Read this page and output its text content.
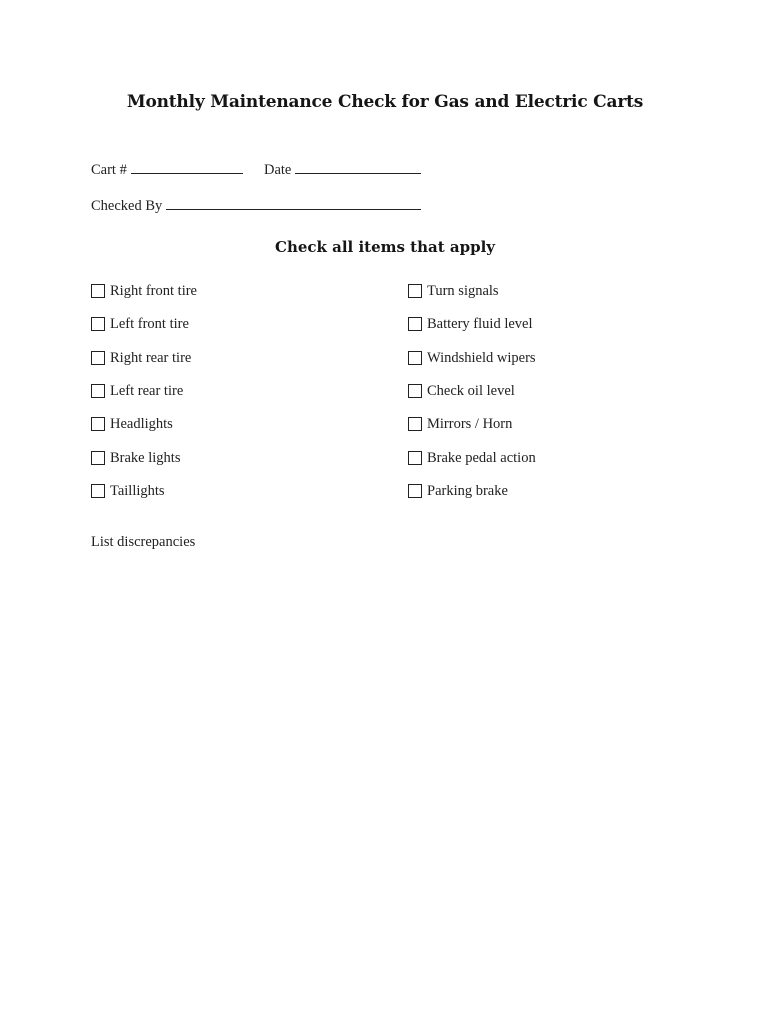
Monthly Maintenance Check for Gas and Electric Carts
Cart #	Date
Checked By
Check all items that apply
Right front tire
Left front tire
Right rear tire
Left rear tire
Headlights
Brake lights
Taillights
Turn signals
Battery fluid level
Windshield wipers
Check oil level
Mirrors / Horn
Brake pedal action
Parking brake
List discrepancies
